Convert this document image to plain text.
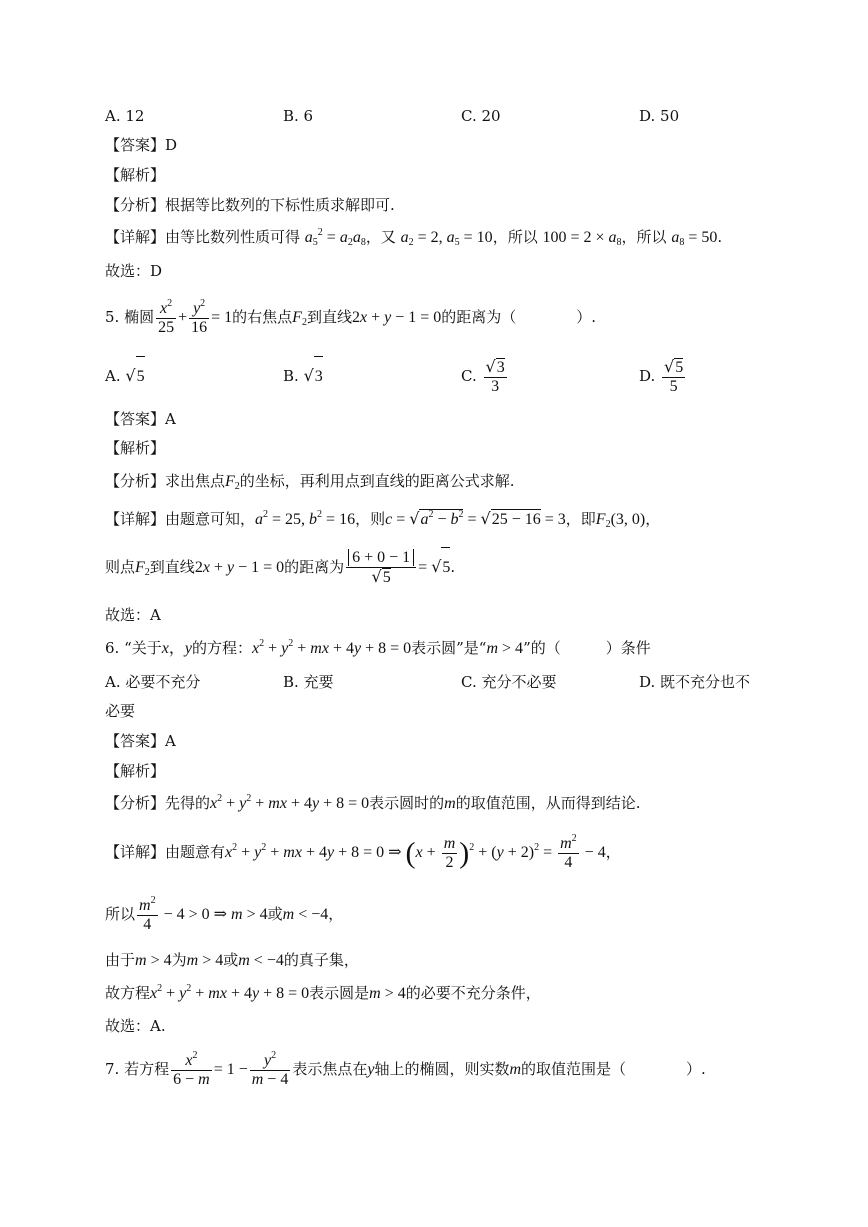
A. 12	B. 6	C. 20	D. 50
【答案】D
【解析】
【分析】根据等比数列的下标性质求解即可.
【详解】由等比数列性质可得 $a_5^2 = a_2a_8$，又 $a_2 = 2$, $a_5 = 10$，所以 $100 = 2 \times a_8$，所以 $a_8 = 50$.
故选：D
5. 椭圆 $\frac{x^2}{25} + \frac{y^2}{16} = 1$的右焦点$F_2$到直线2x + y − 1 = 0的距离为（　　　　）.
A. √5	B. √3	C. $\frac{√3}{3}$	D. $\frac{√5}{5}$
【答案】A
【解析】
【分析】求出焦点$F_2$的坐标，再利用点到直线的距离公式求解.
【详解】由题意可知，$a^2 = 25$, $b^2 = 16$，则$c = √a^2 - b^2 = √25 - 16 = 3$，即$F_2(3$, 0)，
则点$F_2$到直线2x + y − 1 = 0的距离为 $\frac{6 + 0 - 1}{√5} = √5$.
故选：A
6. “关于x，y的方程：$x^2 + y^2$ + mx + 4y + 8 = 0表示圆”是“m > 4”的（　　　）条件
A. 必要不充分	B. 充要	C. 充分不必要	D. 既不充分也不
必要
【答案】A
【解析】
【分析】先得的$x^2 + y^2$ + mx + 4y + 8 = 0表示圆时的m的取值范围，从而得到结论.
【详解】由题意有$x^2 + y^2$ + mx + 4y + 8 = 0 ⇒ $(x + \frac{m}{2} )^2 + (y + 2)^2 = \frac{m^2}{4} - 4$，
所以 $\frac{m^2}{4} - 4 > 0$ ⇒ m > 4或m < −4，
由于m > 4为m > 4或m < −4的真子集，
故方程$x^2 + y^2$ + mx + 4y + 8 = 0表示圆是m > 4的必要不充分条件，
故选：A.
7. 若方程 $\frac{x^2}{6 - m} = 1 - \frac{y^2}{m - 4}$ 表示焦点在y轴上的椭圆，则实数m的取值范围是（　　　　）.
